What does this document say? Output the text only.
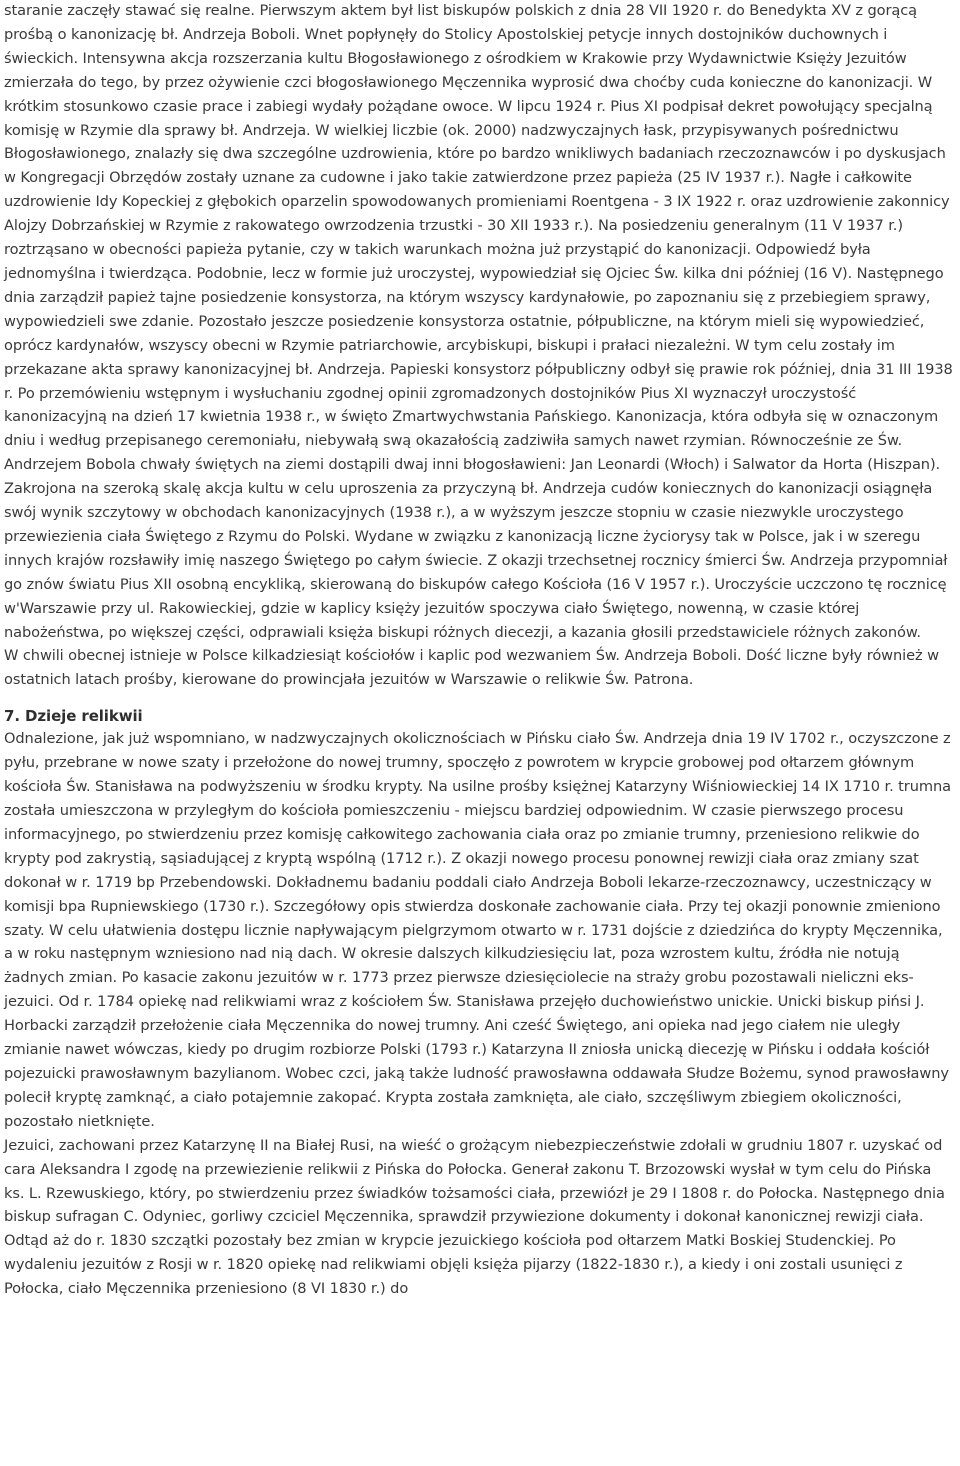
staranie zaczęły stawać się realne. Pierwszym aktem był list biskupów polskich z dnia 28 VII 1920 r. do Benedykta XV z gorącą prośbą o kanonizację bł. Andrzeja Boboli. Wnet popłynęły do Stolicy Apostolskiej petycje innych dostojników duchownych i świeckich. Intensywna akcja rozszerzania kultu Błogosławionego z ośrodkiem w Krakowie przy Wydawnictwie Księży Jezuitów zmierzała do tego, by przez ożywienie czci błogosławionego Męczennika wyprosić dwa choćby cuda konieczne do kanonizacji. W krótkim stosunkowo czasie prace i zabiegi wydały pożądane owoce. W lipcu 1924 r. Pius XI podpisał dekret powołujący specjalną komisję w Rzymie dla sprawy bł. Andrzeja. W wielkiej liczbie (ok. 2000) nadzwyczajnych łask, przypisywanych pośrednictwu Błogosławionego, znalazły się dwa szczególne uzdrowienia, które po bardzo wnikliwych badaniach rzeczoznawców i po dyskusjach w Kongregacji Obrzędów zostały uznane za cudowne i jako takie zatwierdzone przez papieża (25 IV 1937 r.). Nagłe i całkowite uzdrowienie Idy Kopeckiej z głębokich oparzelin spowodowanych promieniami Roentgena - 3 IX 1922 r. oraz uzdrowienie zakonnicy Alojzy Dobrzańskiej w Rzymie z rakowatego owrzodzenia trzustki - 30 XII 1933 r.). Na posiedzeniu generalnym (11 V 1937 r.) roztrząsano w obecności papieża pytanie, czy w takich warunkach można już przystąpić do kanonizacji. Odpowiedź była jednomyślna i twierdząca. Podobnie, lecz w formie już uroczystej, wypowiedział się Ojciec Św. kilka dni później (16 V). Następnego dnia zarządził papież tajne posiedzenie konsystorza, na którym wszyscy kardynałowie, po zapoznaniu się z przebiegiem sprawy, wypowiedzieli swe zdanie. Pozostało jeszcze posiedzenie konsystorza ostatnie, półpubliczne, na którym mieli się wypowiedzieć, oprócz kardynałów, wszyscy obecni w Rzymie patriarchowie, arcybiskupi, biskupi i prałaci niezależni. W tym celu zostały im przekazane akta sprawy kanonizacyjnej bł. Andrzeja. Papieski konsystorz półpubliczny odbył się prawie rok później, dnia 31 III 1938 r. Po przemówieniu wstępnym i wysłuchaniu zgodnej opinii zgromadzonych dostojników Pius XI wyznaczył uroczystość kanonizacyjną na dzień 17 kwietnia 1938 r., w święto Zmartwychwstania Pańskiego. Kanonizacja, która odbyła się w oznaczonym dniu i według przepisanego ceremoniału, niebywałą swą okazałością zadziwiła samych nawet rzymian. Równocześnie ze Św. Andrzejem Bobola chwały świętych na ziemi dostąpili dwaj inni błogosławieni: Jan Leonardi (Włoch) i Salwator da Horta (Hiszpan).

Zakrojona na szeroką skalę akcja kultu w celu uproszenia za przyczyną bł. Andrzeja cudów koniecznych do kanonizacji osiągnęła swój wynik szczytowy w obchodach kanonizacyjnych (1938 r.), a w wyższym jeszcze stopniu w czasie niezwykle uroczystego przewiezienia ciała Świętego z Rzymu do Polski. Wydane w związku z kanonizacją liczne życiorysy tak w Polsce, jak i w szeregu innych krajów rozsławiły imię naszego Świętego po całym świecie. Z okazji trzechsetnej rocznicy śmierci Św. Andrzeja przypomniał go znów światu Pius XII osobną encykliką, skierowaną do biskupów całego Kościoła (16 V 1957 r.). Uroczyście uczczono tę rocznicę w'Warszawie przy ul. Rakowieckiej, gdzie w kaplicy księży jezuitów spoczywa ciało Świętego, nowenną, w czasie której nabożeństwa, po większej części, odprawiali księża biskupi różnych diecezji, a kazania głosili przedstawiciele różnych zakonów.

W chwili obecnej istnieje w Polsce kilkadziesiąt kościołów i kaplic pod wezwaniem Św. Andrzeja Boboli. Dość liczne były również w ostatnich latach prośby, kierowane do prowincjała jezuitów w Warszawie o relikwie Św. Patrona.

7. Dzieje relikwii

Odnalezione, jak już wspomniano, w nadzwyczajnych okolicznościach w Pińsku ciało Św. Andrzeja dnia 19 IV 1702 r., oczyszczone z pyłu, przebrane w nowe szaty i przełożone do nowej trumny, spoczęło z powrotem w krypcie grobowej pod ołtarzem głównym kościoła Św. Stanisława na podwyższeniu w środku krypty. Na usilne prośby księżnej Katarzyny Wiśniowieckiej 14 IX 1710 r. trumna została umieszczona w przyległym do kościoła pomieszczeniu - miejscu bardziej odpowiednim. W czasie pierwszego procesu informacyjnego, po stwierdzeniu przez komisję całkowitego zachowania ciała oraz po zmianie trumny, przeniesiono relikwie do krypty pod zakrystią, sąsiadującej z kryptą wspólną (1712 r.). Z okazji nowego procesu ponownej rewizji ciała oraz zmiany szat dokonał w r. 1719 bp Przebendowski. Dokładnemu badaniu poddali ciało Andrzeja Boboli lekarze-rzeczoznawcy, uczestniczący w komisji bpa Rupniewskiego (1730 r.). Szczegółowy opis stwierdza doskonałe zachowanie ciała. Przy tej okazji ponownie zmieniono szaty. W celu ułatwienia dostępu licznie napływającym pielgrzymom otwarto w r. 1731 dojście z dziedzińca do krypty Męczennika, a w roku następnym wzniesiono nad nią dach. W okresie dalszych kilkudziesięciu lat, poza wzrostem kultu, źródła nie notują żadnych zmian. Po kasacie zakonu jezuitów w r. 1773 przez pierwsze dziesięciolecie na straży grobu pozostawali nieliczni eks-jezuici. Od r. 1784 opiekę nad relikwiami wraz z kościołem Św. Stanisława przejęło duchowieństwo unickie. Unicki biskup pińsi J. Horbacki zarządził przełożenie ciała Męczennika do nowej trumny. Ani cześć Świętego, ani opieka nad jego ciałem nie uległy zmianie nawet wówczas, kiedy po drugim rozbiorze Polski (1793 r.) Katarzyna II zniosła unicką diecezję w Pińsku i oddała kościół pojezuicki prawosławnym bazylianom. Wobec czci, jaką także ludność prawosławna oddawała Słudze Bożemu, synod prawosławny polecił kryptę zamknąć, a ciało potajemnie zakopać. Krypta została zamknięta, ale ciało, szczęśliwym zbiegiem okoliczności, pozostało nietknięte.

Jezuici, zachowani przez Katarzynę II na Białej Rusi, na wieść o grożącym niebezpieczeństwie zdołali w grudniu 1807 r. uzyskać od cara Aleksandra I zgodę na przewiezienie relikwii z Pińska do Połocka. Generał zakonu T. Brzozowski wysłał w tym celu do Pińska ks. L. Rzewuskiego, który, po stwierdzeniu przez świadków tożsamości ciała, przewiózł je 29 I 1808 r. do Połocka. Następnego dnia biskup sufragan C. Odyniec, gorliwy czciciel Męczennika, sprawdził przywiezione dokumenty i dokonał kanonicznej rewizji ciała. Odtąd aż do r. 1830 szczątki pozostały bez zmian w krypcie jezuickiego kościoła pod ołtarzem Matki Boskiej Studenckiej. Po wydaleniu jezuitów z Rosji w r. 1820 opiekę nad relikwiami objęli księża pijarzy (1822-1830 r.), a kiedy i oni zostali usunięci z Połocka, ciało Męczennika przeniesiono (8 VI 1830 r.) do
